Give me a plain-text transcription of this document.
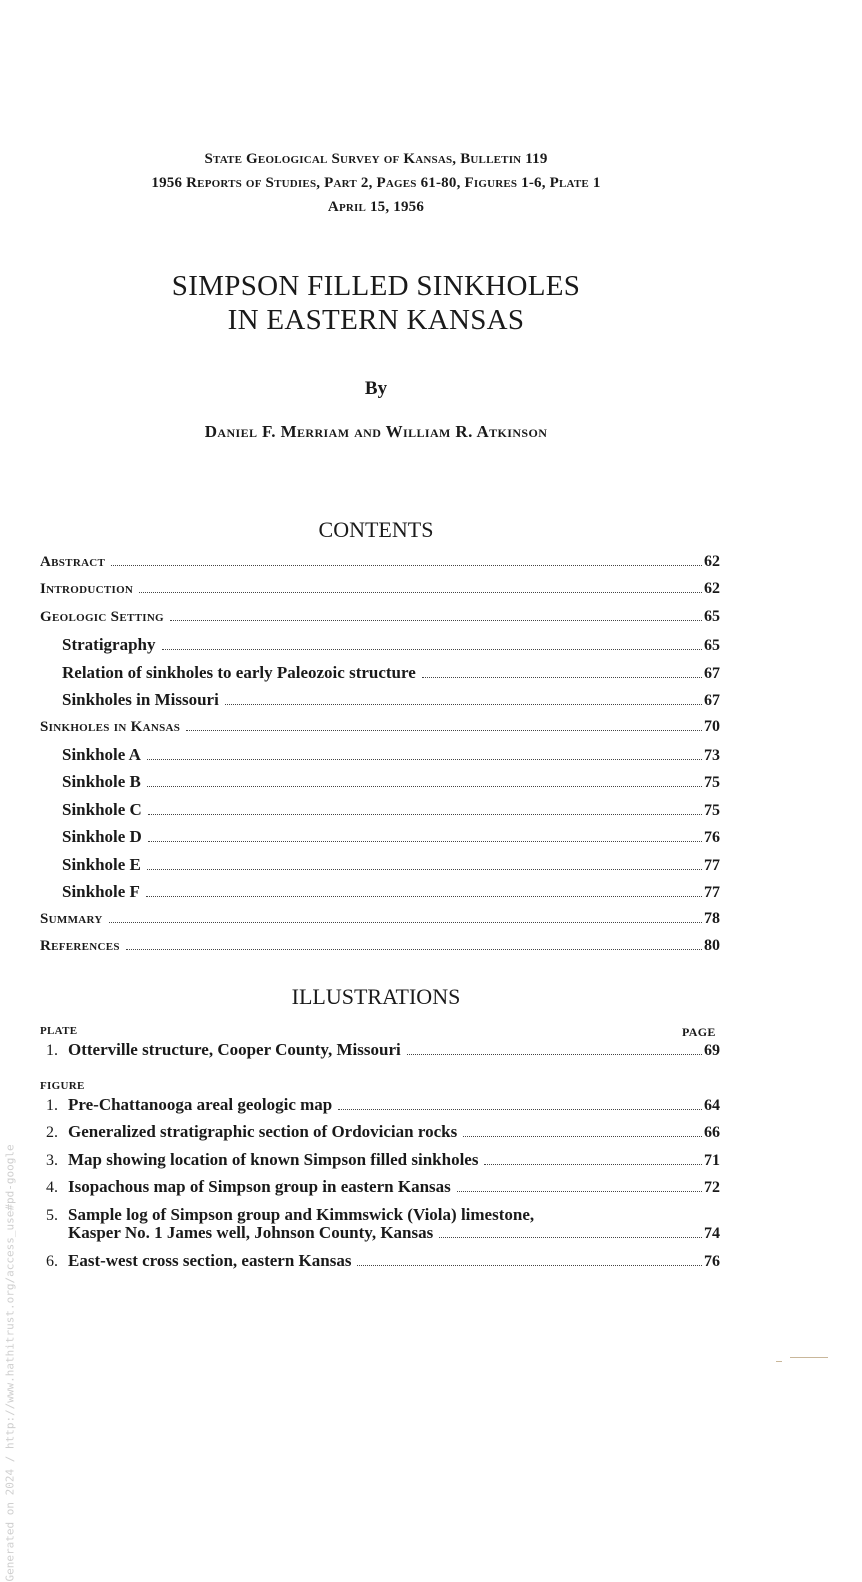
Generated on 2024 / http://www.hathitrust.org/access_use#pd-google
State Geological Survey of Kansas, Bulletin 119
1956 Reports of Studies, Part 2, Pages 61-80, Figures 1-6, Plate 1
April 15, 1956
SIMPSON FILLED SINKHOLES
IN EASTERN KANSAS
By
Daniel F. Merriam and William R. Atkinson
CONTENTS
Abstract	62
Introduction	62
Geologic Setting	65
Stratigraphy	65
Relation of sinkholes to early Paleozoic structure	67
Sinkholes in Missouri	67
Sinkholes in Kansas	70
Sinkhole A	73
Sinkhole B	75
Sinkhole C	75
Sinkhole D	76
Sinkhole E	77
Sinkhole F	77
Summary	78
References	80
ILLUSTRATIONS
PLATE	PAGE
1. Otterville structure, Cooper County, Missouri	69
FIGURE
1. Pre-Chattanooga areal geologic map	64
2. Generalized stratigraphic section of Ordovician rocks	66
3. Map showing location of known Simpson filled sinkholes	71
4. Isopachous map of Simpson group in eastern Kansas	72
5. Sample log of Simpson group and Kimmswick (Viola) limestone,
Kasper No. 1 James well, Johnson County, Kansas	74
6. East-west cross section, eastern Kansas	76
